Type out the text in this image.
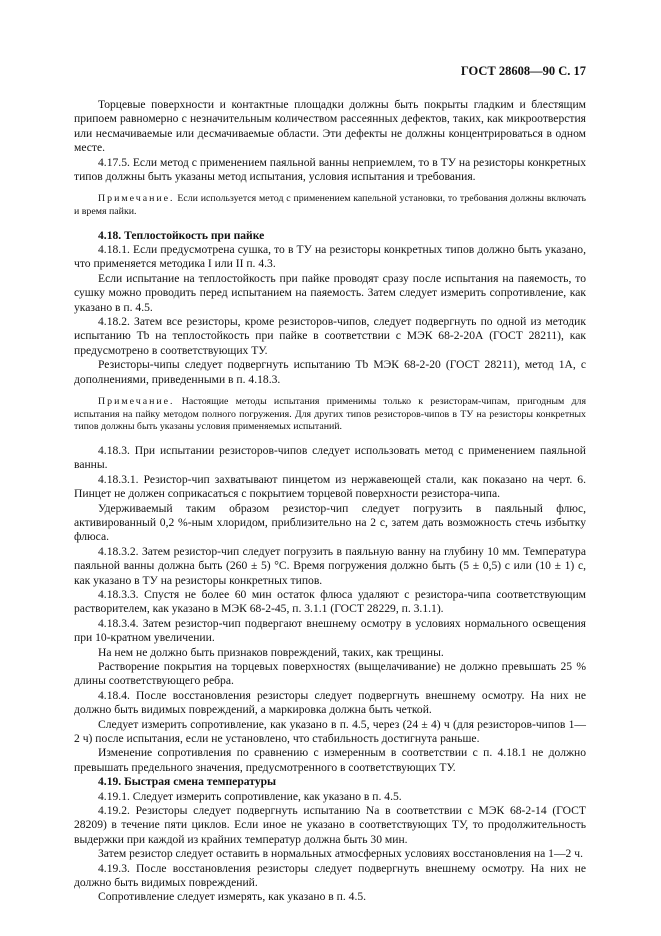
ГОСТ 28608—90 С. 17

Торцевые поверхности и контактные площадки должны быть покрыты гладким и блестящим припоем равномерно с незначительным количеством рассеянных дефектов, таких, как микроотверстия или несмачиваемые или десмачиваемые области. Эти дефекты не должны концентрироваться в одном месте.

4.17.5. Если метод с применением паяльной ванны неприемлем, то в ТУ на резисторы конкретных типов должны быть указаны метод испытания, условия испытания и требования.

Примечание. Если используется метод с применением капельной установки, то требования должны включать и время пайки.

4.18. Теплостойкость при пайке

4.18.1. Если предусмотрена сушка, то в ТУ на резисторы конкретных типов должно быть указано, что применяется методика I или II п. 4.3.

Если испытание на теплостойкость при пайке проводят сразу после испытания на паяемость, то сушку можно проводить перед испытанием на паяемость. Затем следует измерить сопротивление, как указано в п. 4.5.

4.18.2. Затем все резисторы, кроме резисторов-чипов, следует подвергнуть по одной из методик испытанию Tb на теплостойкость при пайке в соответствии с МЭК 68-2-20А (ГОСТ 28211), как предусмотрено в соответствующих ТУ.

Резисторы-чипы следует подвергнуть испытанию Tb МЭК 68-2-20 (ГОСТ 28211), метод 1А, с дополнениями, приведенными в п. 4.18.3.

Примечание. Настоящие методы испытания применимы только к резисторам-чипам, пригодным для испытания на пайку методом полного погружения. Для других типов резисторов-чипов в ТУ на резисторы конкретных типов должны быть указаны условия применяемых испытаний.

4.18.3. При испытании резисторов-чипов следует использовать метод с применением паяльной ванны.

4.18.3.1. Резистор-чип захватывают пинцетом из нержавеющей стали, как показано на черт. 6. Пинцет не должен соприкасаться с покрытием торцевой поверхности резистора-чипа.

Удерживаемый таким образом резистор-чип следует погрузить в паяльный флюс, активированный 0,2 %-ным хлоридом, приблизительно на 2 с, затем дать возможность стечь избытку флюса.

4.18.3.2. Затем резистор-чип следует погрузить в паяльную ванну на глубину 10 мм. Температура паяльной ванны должна быть (260 ± 5) °С. Время погружения должно быть (5 ± 0,5) с или (10 ± 1) с, как указано в ТУ на резисторы конкретных типов.

4.18.3.3. Спустя не более 60 мин остаток флюса удаляют с резистора-чипа соответствующим растворителем, как указано в МЭК 68-2-45, п. 3.1.1 (ГОСТ 28229, п. 3.1.1).

4.18.3.4. Затем резистор-чип подвергают внешнему осмотру в условиях нормального освещения при 10-кратном увеличении.

На нем не должно быть признаков повреждений, таких, как трещины.

Растворение покрытия на торцевых поверхностях (выщелачивание) не должно превышать 25 % длины соответствующего ребра.

4.18.4. После восстановления резисторы следует подвергнуть внешнему осмотру. На них не должно быть видимых повреждений, а маркировка должна быть четкой.

Следует измерить сопротивление, как указано в п. 4.5, через (24 ± 4) ч (для резисторов-чипов 1—2 ч) после испытания, если не установлено, что стабильность достигнута раньше.

Изменение сопротивления по сравнению с измеренным в соответствии с п. 4.18.1 не должно превышать предельного значения, предусмотренного в соответствующих ТУ.

4.19. Быстрая смена температуры

4.19.1. Следует измерить сопротивление, как указано в п. 4.5.

4.19.2. Резисторы следует подвергнуть испытанию Na в соответствии с МЭК 68-2-14 (ГОСТ 28209) в течение пяти циклов. Если иное не указано в соответствующих ТУ, то продолжительность выдержки при каждой из крайних температур должна быть 30 мин.

Затем резистор следует оставить в нормальных атмосферных условиях восстановления на 1—2 ч.

4.19.3. После восстановления резисторы следует подвергнуть внешнему осмотру. На них не должно быть видимых повреждений.

Сопротивление следует измерять, как указано в п. 4.5.
